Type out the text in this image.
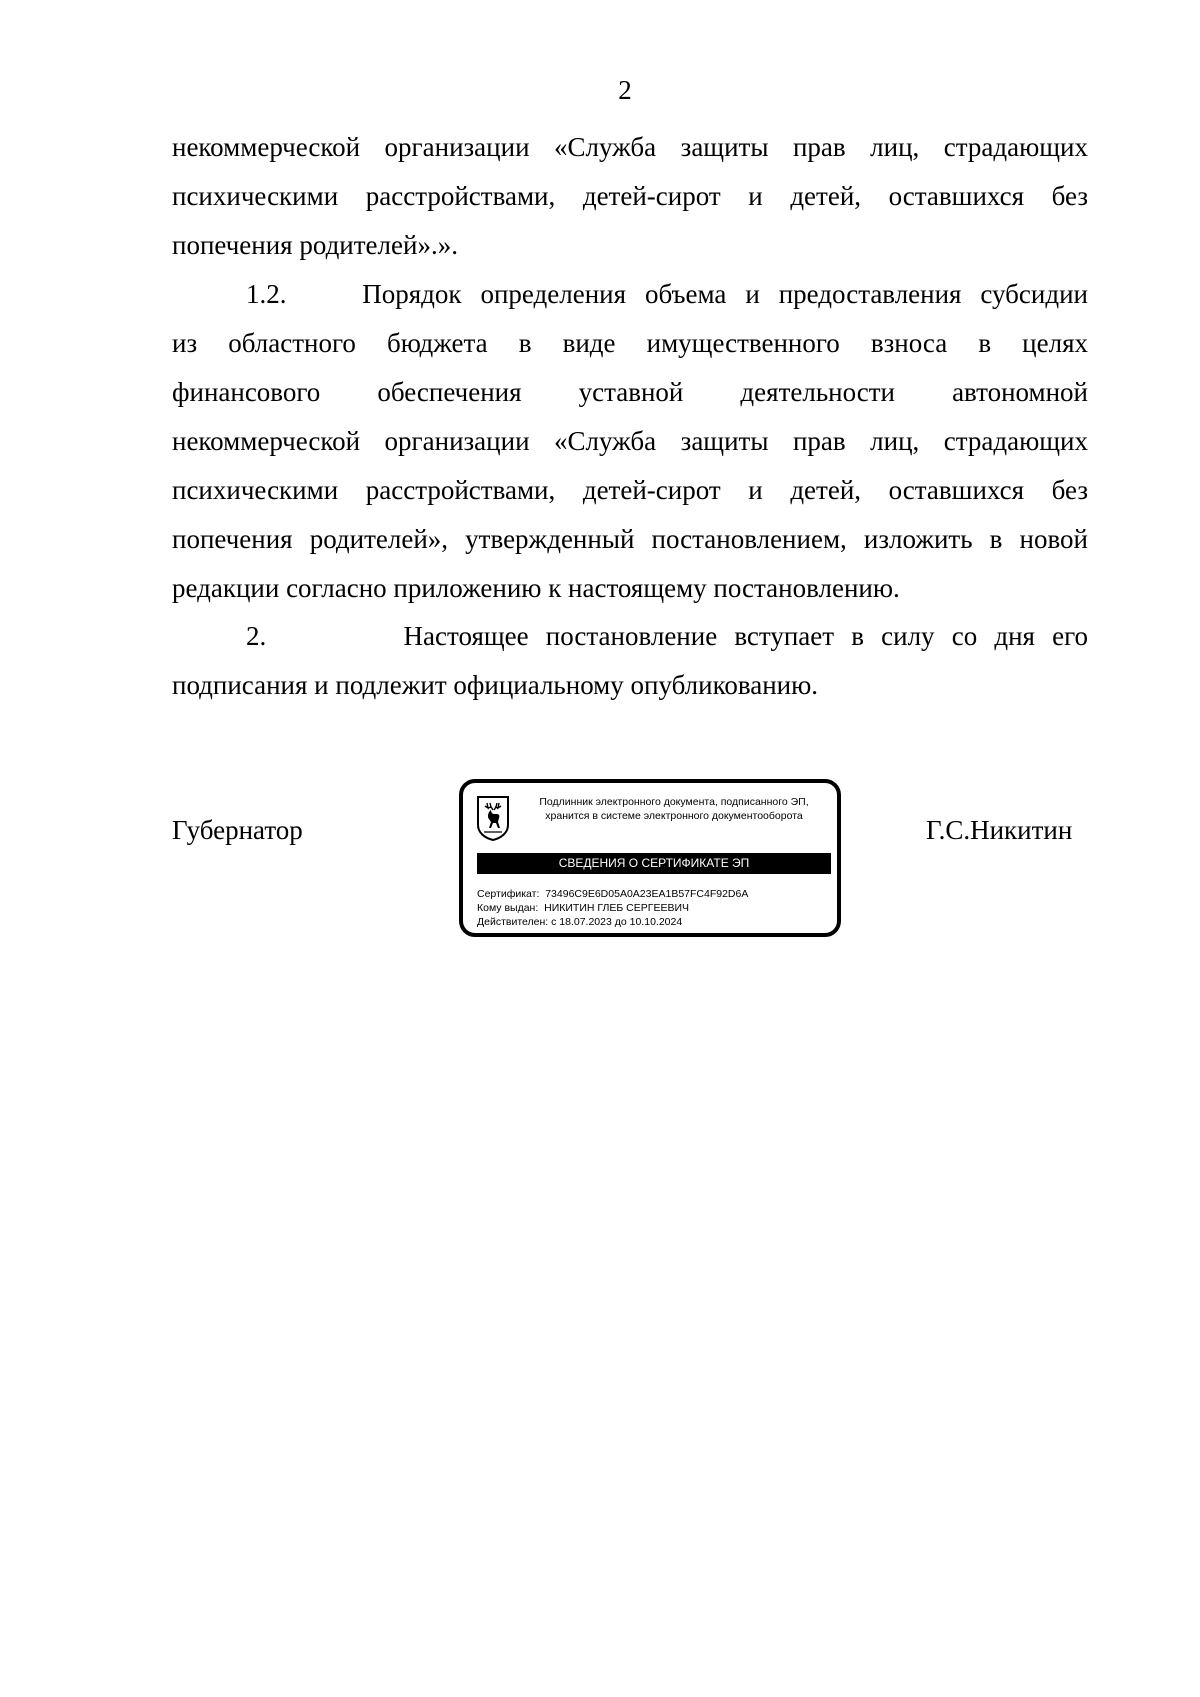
2
некоммерческой организации «Служба защиты прав лиц, страдающих
психическими расстройствами, детей-сирот и детей, оставшихся без
попечения родителей».».
1.2.	Порядок определения объема и предоставления субсидии
из областного бюджета в виде имущественного взноса в целях
финансового обеспечения уставной деятельности автономной
некоммерческой организации «Служба защиты прав лиц, страдающих
психическими расстройствами, детей-сирот и детей, оставшихся без
попечения родителей», утвержденный постановлением, изложить в новой
редакции согласно приложению к настоящему постановлению.
2.	Настоящее постановление вступает в силу со дня его
подписания и подлежит официальному опубликованию.
Губернатор	Г.С.Никитин
Подлинник электронного документа, подписанного ЭП,
хранится в системе электронного документооборота
СВЕДЕНИЯ О СЕРТИФИКАТЕ ЭП
Сертификат: 73496C9E6D05A0A23EA1B57FC4F92D6A
Кому выдан: НИКИТИН ГЛЕБ СЕРГЕЕВИЧ
Действителен: с 18.07.2023 до 10.10.2024
